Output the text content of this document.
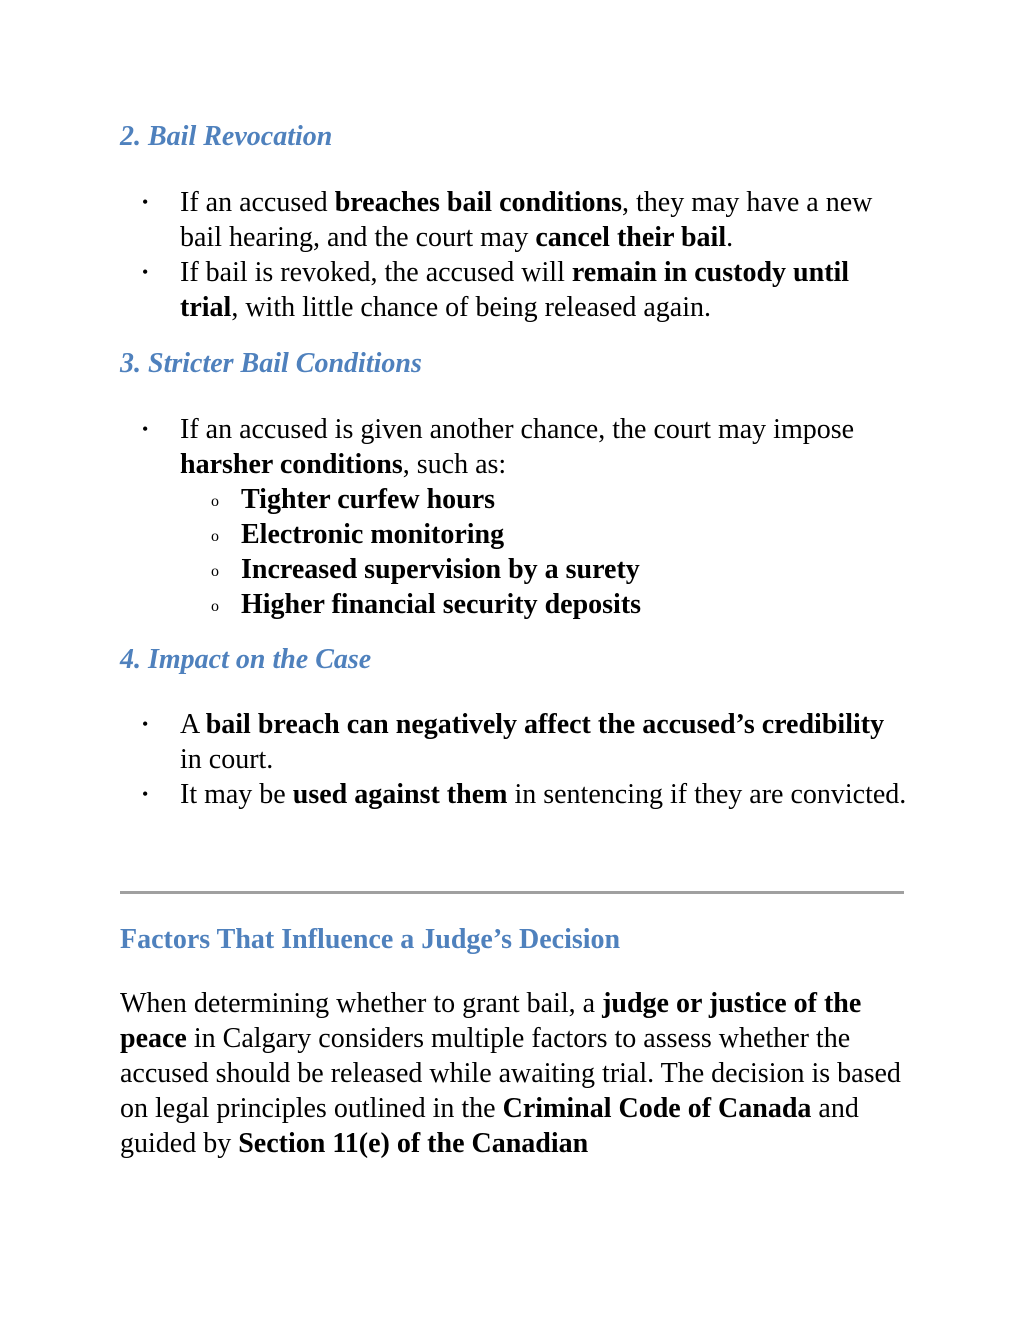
2. Bail Revocation
• If an accused breaches bail conditions, they may have a new bail hearing, and the court may cancel their bail.
• If bail is revoked, the accused will remain in custody until trial, with little chance of being released again.
3. Stricter Bail Conditions
• If an accused is given another chance, the court may impose harsher conditions, such as:
o Tighter curfew hours
o Electronic monitoring
o Increased supervision by a surety
o Higher financial security deposits
4. Impact on the Case
• A bail breach can negatively affect the accused’s credibility in court.
• It may be used against them in sentencing if they are convicted.
Factors That Influence a Judge’s Decision

When determining whether to grant bail, a judge or justice of the peace in Calgary considers multiple factors to assess whether the accused should be released while awaiting trial. The decision is based on legal principles outlined in the Criminal Code of Canada and guided by Section 11(e) of the Canadian
